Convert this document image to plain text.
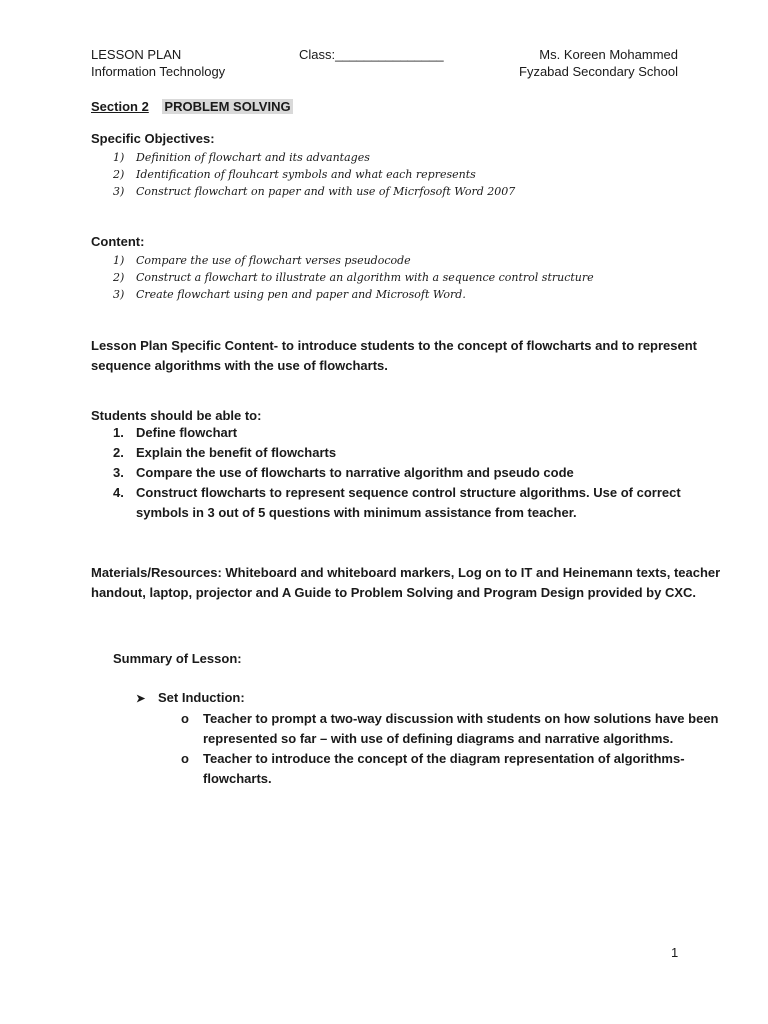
LESSON PLAN
Information Technology
Class:_______________	Ms. Koreen Mohammed
Fyzabad Secondary School
Section 2 PROBLEM SOLVING
Specific Objectives:
1) Definition of flowchart and its advantages
2) Identification of flouhcart symbols and what each represents
3) Construct flowchart on paper and with use of Micrfosoft Word 2007
Content:
1) Compare the use of flowchart verses pseudocode
2) Construct a flowchart to illustrate an algorithm with a sequence control structure
3) Create flowchart using pen and paper and Microsoft Word.
Lesson Plan Specific Content- to introduce students to the concept of flowcharts and to represent
sequence algorithms with the use of flowcharts.
Students should be able to:
1. Define flowchart
2. Explain the benefit of flowcharts
3. Compare the use of flowcharts to narrative algorithm and pseudo code
4. Construct flowcharts to represent sequence control structure algorithms. Use of correct
symbols in 3 out of 5 questions with minimum assistance from teacher.
Materials/Resources: Whiteboard and whiteboard markers, Log on to IT and Heinemann texts, teacher
handout, laptop, projector and A Guide to Problem Solving and Program Design provided by CXC.
Summary of Lesson:
➤ Set Induction:
o Teacher to prompt a two-way discussion with students on how solutions have been
represented so far – with use of defining diagrams and narrative algorithms.
o Teacher to introduce the concept of the diagram representation of algorithms-
flowcharts.
1
